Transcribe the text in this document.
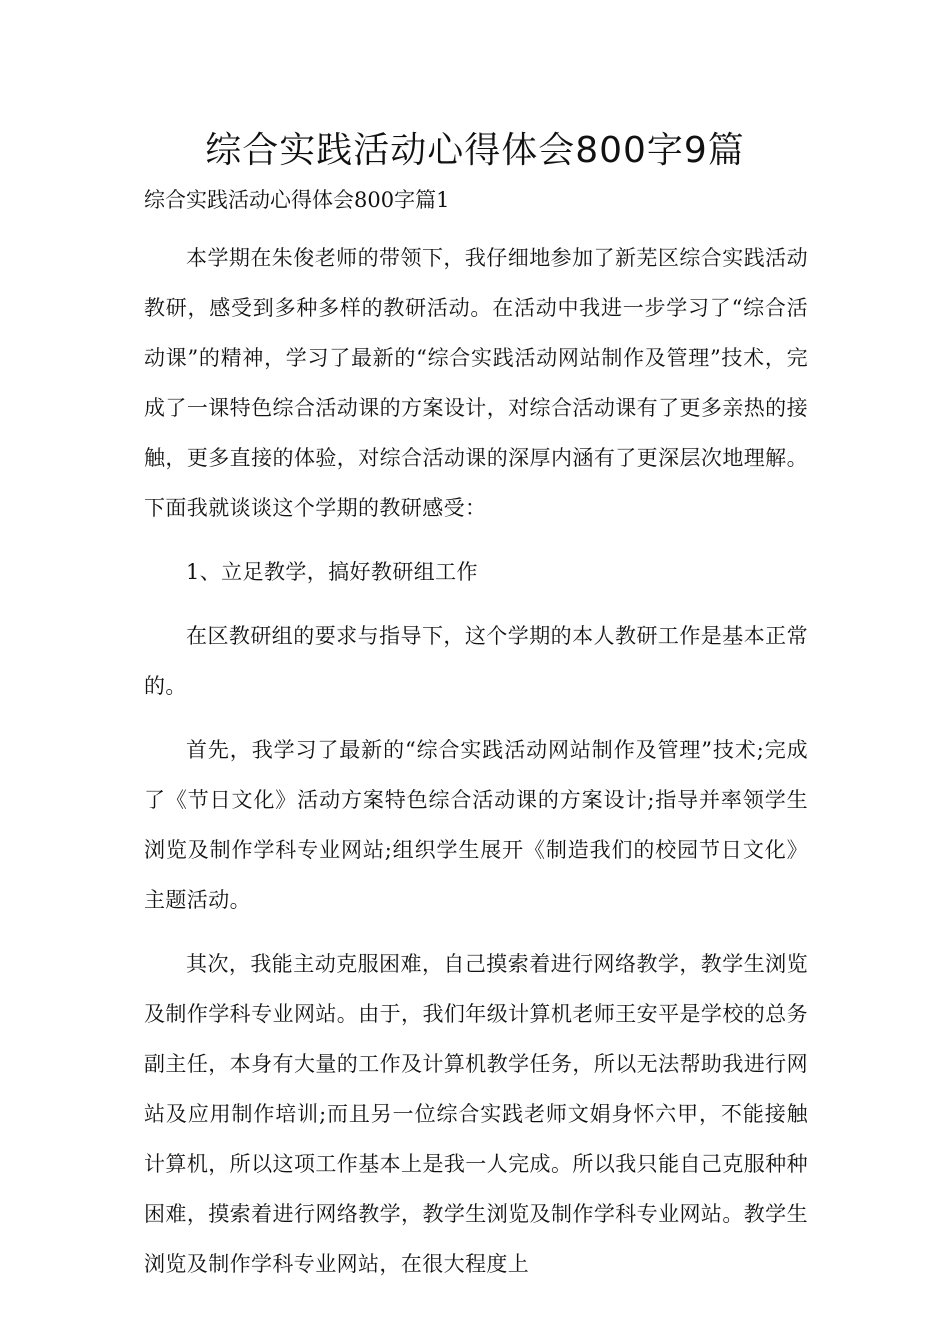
综合实践活动心得体会800字9篇

综合实践活动心得体会800字篇1

本学期在朱俊老师的带领下，我仔细地参加了新芜区综合实践活动教研，感受到多种多样的教研活动。在活动中我进一步学习了“综合活动课”的精神，学习了最新的“综合实践活动网站制作及管理”技术，完成了一课特色综合活动课的方案设计，对综合活动课有了更多亲热的接触，更多直接的体验，对综合活动课的深厚内涵有了更深层次地理解。下面我就谈谈这个学期的教研感受：

1、立足教学，搞好教研组工作

在区教研组的要求与指导下，这个学期的本人教研工作是基本正常的。

首先，我学习了最新的“综合实践活动网站制作及管理”技术;完成了《节日文化》活动方案特色综合活动课的方案设计;指导并率领学生浏览及制作学科专业网站;组织学生展开《制造我们的校园节日文化》主题活动。

其次，我能主动克服困难，自己摸索着进行网络教学，教学生浏览及制作学科专业网站。由于，我们年级计算机老师王安平是学校的总务副主任，本身有大量的工作及计算机教学任务，所以无法帮助我进行网站及应用制作培训;而且另一位综合实践老师文娟身怀六甲，不能接触计算机，所以这项工作基本上是我一人完成。所以我只能自己克服种种困难，摸索着进行网络教学，教学生浏览及制作学科专业网站。教学生浏览及制作学科专业网站，在很大程度上
